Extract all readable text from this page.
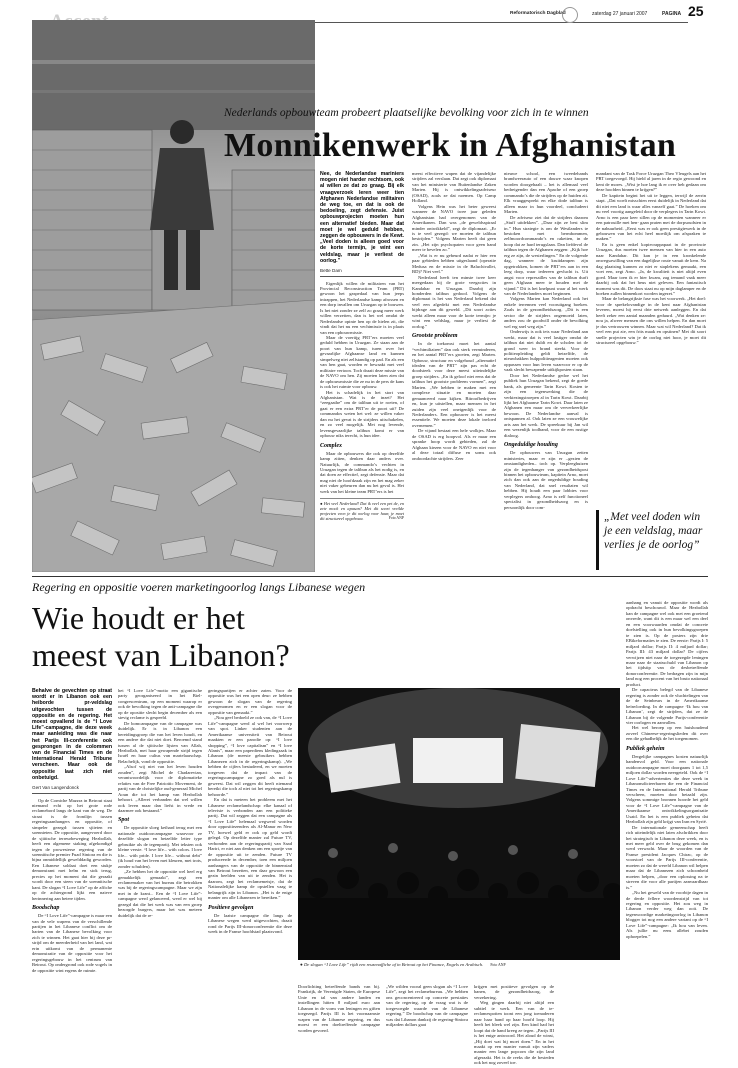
Reformatorisch Dagblad	zaterdag 27 januari 2007	PAGINA 25
Nederlands opbouwteam probeert plaatselijke bevolking voor zich in te winnen
Monnikenwerk in Afghanistan
Nee, de Nederlandse mariniers mogen niet harder rechtsom, ook al willen ze dat zo graag. Bij elk vraagverzoek leren weer tien Afghanen Nederlandse militairen de weg toe, en dat is ook de bedoeling, zegt defensie. Juist opbouwprojecten moeten hun een alternatief bieden. Maar dat moet je wel geduld hebben, zeggen de opbouwers in de Kewt. „Veel doden is alleen goed voor de korte termijn, je wint een veldslag, maar je verliest de oorlog.”
Bette Dam

Eigenlijk willen de militairen van het Provincial Reconstruction Team (PRT) gewoon het gaspedaal van hun jeeps intrappen, het Nederlandse kamp afrossen en een dorp invallen om Uruzgan op te bouwen. Is het niet zonder ze zelf zo graag meer werk willen verzetten, dan is het wel omdat de Nederlandse opinie hen op de hielen zit, die vindt dat het nu een vechtmissie is in plaats van een opbouwmissie.

Maar de voertijg PRT’ers moeten veel geduld hebben in Uruzgan. Ze staan aan de poort van hun kamp, turen over het gevaarlijke Afghaanse land en kunnen simpelweg niet zelfstandig op pad. En als een van hen gaat, worden er bewaakt met veel militaire vertoon. Toch draait deze missie van de NAVO om hen. Zij moeten laten zien dat de opbouwmissie die ze nu in de pers de kans is ook het ruimte voor opbouw.

Het is schadelijk in het stort van Afghanistan. Wat is de inzet? Het “zeegaathe” om de talibun uit te roeien, of gaat er een extra PRT’er de poort uit? De commandos weten het wel: ze willen vaker dan nu het gevat is de strijders uitschakelen, en zo veel mogelijk. Met nog levende, levensgevaarlijke talibun komt er van opbouw niks terecht, is hun idee.

Complex

Maar de opbouwers die ook op dezelfde kamp zitten, denken daar anders over. Natuurlijk, de commando’s vechten in Uruzgan tegen de talibun als het nodig is, en dat doen ze effectief, zegt defensie. Maar dat mag niet de hoofdzaak zijn en het mag zeker niet vaker gebeuren dan nu het geval is. Het werk van het kleine team PRT’ers is het

● Het veel Nederland! Dat ik veel een pet de, en zete mock en apasan? Met dit soort vreilde projecten vecn je dit oorlog voor haar, je moet dit structureel opgebouw.	Foto ANP

meest effectieve wapen dat de vijandelijke strijders zal verslaan. Dat zegt ook diplomaat van het ministerie van Buitenlandse Zaken Marten. Hij is ontwikkelingsadviseur (OSAD), zoals ze dat noemen. Op Camp Holland.

Volgens Hein was het beter geweest wanneer de NAVO twee jaar geleden Afghanistan had overgenomen van de Amerikanen. Dan was „de geweldsspiraal minder ontwikkeld”, zegt de diplomaat. „Er is te veel gezegd: we moeten de talibun bestrijden.” Volgens Marten heeft dat geen zin. „Het zijn psychopaten voor geen hand meer te bevelen zo.”

„Wat is er nu gebeurd nadat er hier een paar gebieden hebben uitgeslaand (operatie Medusa en de missie in de Baluchivallei, BD)? Niet veel.”

Nederland heeft ten minste twee keer meegedaan bij de grote veegacties in Kandahar en Uruzgan. Daarbij zijn honderden talibun gedood. Volgens de diplomaat is het van Nederland bekend dat veel een afgedekt met een Nederlandse bijdrage aan dit geweld. „Dit soort acties werkt alleen maar voor de korte termijn: je wint een veldslag, maar je verliest de oorlog.”

Grootste probleem

In de toekomst moet het aantal “vechtmiliairen” dan ook sterk verminderen, en het aantal PRT’ers groeien, zegt Marten. Opbouw, structuur en volgehoud „alternatief idealen van de PRT” zijn pas echt de doodsteek voor deze meest uiteindelijke groep strijders. „En ik geloof niet eens dat de talibun het grootste probleem vormen”, zegt Marten. „We hebben te maken met een complexe situatie en moeten daar genuanceerd naar kijken. Bitroofbedrijven en, kun je uitstellen, maar mensen in het zuiden zijn veel oneigenlijk voor de Nederlanders. Een opbouwer is het meest essentiele. We moeten deze lokale invloed overnemen.”

De vijand bestaat een hele wolkjes. Maar de OSAD is erg hoopvol. Als er maar een spranke hoop wordt gebieden, zal de Afghaan kiezen voor de NAVO en niet voor al deze totaal diffuse en soms ook ondoordachte strijders. Zeer

nieuwe school, een tweedehands brandweerauto of een douwe waar knopen worden doorgehaalt – het is allemaal veel bedreigender dan een Apache of een groep commando’s die de strijders op de huiden zit. Elk vraaggesprekt en elke dode talibun is alleen maar in hun voordeel, concludeert Marten.

De adviseur ziet dat de strijders daarom „Stuff uitdekken”. „Daar zijn ze best slim in.” Hun strategie is om de Westlanders te bestoken met bermbommen, zelfmoordcommando’s en raketten, in de hoop dat ze hard terugslaan. Dan liefdevol de talibun tegen de Afghanen zeggen: „Kijk hoe erg ze zijn, de westerlingen.” En de volgende dag, wanneer de kruitdampen zijn opgetrokken, komen de PRT’ers aan in een leeg dorp, waar iedereen gevlucht is. Uit angst voor represailles van de talibun durft geen Afghaan meer te houden met de vijand.” Dit is het knelpunt waar al het werk van de Nederlanders moet beginnen.

Volgens Marten kan Nederland ook het enkele terrennen veel vooruitgang boeken. Zoals in de gezondheidszorg. „Dit is een sector die de strijders ongemoeid laten, anders zou de goodwill onder de bevolking wel erg snel weg zijn.”

Onderwijs is ook iets waar Nederland aan werkt, maar dat is veel lastiger omdat de talibun dat niet duldt en de scholen tot de grond weer in brand steekt. Voor de politieopleiding geldt hetzelfde, de nieuwbakken hulppolitieagenten moeten ook oppassen voor hun leven waarvoor er op de vaak slecht bewapende uitkijkposten staan.

Door het Nederlandse gedoe wel het publiek hun Uruzgan bekend, zegt de goede bank, als gemeente Tarin Kowt. Kosten te zijn een tegenwerking die de verkiezingstroepen al in Tarin Kowt. Daarbij lijkt het Afghaanse Tarin Kowt. Daar laten ze Afghanen een maar om de ververkeerlijke bewoon. De Nederlandse aanval is ontspannen al. Ook laten ze een vrouwelijke arts aan het werk. De spreekuur bij Jan wil een wezenlijk toolband, voor de een rustige dialoog.

Ongeduldige houding

De opbouwers van Uruzgan zetten ministeries, maar er zijn er –gezien de omstandigheden– toch op. Verpleeghuizen zijn de tegenhanger van gezondheidspost binnen het opbouwteam, kapitein Arno, moet zich dan ook aan de ongeduldige houding van Nederland, dat snel resultaten wil hebben. Hij houdt een paar lobbies voor verplegers omhoog. Arno is zelf functioneel specialist in gezondheidszorg en is persoonlijk door com-

mandant van de Task Force Uruzgan Theo Vleugels aan het PRT toegevoegd. Hij hield al jaren in de regio gewoond en kent de mores. „Wist je hoe lang ik er over heb gedaan om deze hoofden binnen te krijgen?”

De kapitein begint het uit te leggen, terwijl de zerrin stapt. „Dat woelt misschien eerst duidelijk in Nederland dat dit niet een land is waar alles vanzelf gaat.” De hoeken om nu veel voortig aangeleid door de verplegers in Tarin Kowt. Arno is een paar keer sillen op de momenten wanneer er een patrouille met hen- gaan praten met de dorpsoudsten in de nabuurheid. „Eerst was er ook geen prestigiewerk in de gebouwen van het echt heel moeilijk om afspraken te maken.”

En is geen enkel kopiecrappapaat in de provincie Uruzgan, dus moeten twee mensen van hier in een auto naar Kandahar. Dit kan je in een kronkelende onwegsawilling van een dagelijkse route vanuit de kern. Na dag plaatsing kunnen zo niet er staplekens gemaakt, een voet een, zegt Arno. „Ja, de kwaliteit is niet altijd even goed. Maar toen ik er hier kwam, zag iemand vaak meer daarbij ook dat het heus niet geleven. Een fantastisch moment was dit. De doos staat nu op mijn daglamper en de boeken zullen binnenkort worden ingezet.”

Maar de belangrijkste fase was het voorwerk. „Het doel: voor de sprekelovandige in de kent naar Afghanistan leveren, moest hij eerst drie netwerk aanleggen. En dat heeft zeker een aantal maanden geduurd. „Wat denken ze: nou ja, alweer mensen die ons willen helpen. En dan moet je dus vertrouwen winnen. Maar wat wil Nederland? Dat ik veel een put zie, een frits maak en opstinen? Met dit soort snelle projecten win je de oorlog niet hoor, je moet dit structureel opgebouw.”

„Met veel doden win je een veldslag, maar verlies je de oorlog”
Regering en oppositie voeren marketingoorlog langs Libanese wegen
Wie houdt er het
meest van Libanon?
Behalve de gevechten op straat wordt er in Libanon ook een heiborde pr-veldslag uitgevochten tussen de oppositie en de regering. Het moest opvallend is de “I Love Life”-campagne, die deze week maar aanleiding was die naar het Parijs III-conferentie ook gesprongen in de colommen van de Financial Times en de International Herald Tribune verscheen. Maar ook de oppositie laat zich niet onbetuigd.
Gert Van Langendonck

Op de Corniche Mazzra in Beirout staat niemand echt op het grote rode reclamebord langs de kant van de weg. De straat is de frontlijn tussen regeringsaanhangers en oppositie, of simpeler gezegd: tussen sjiieten en soennieten. De oppositie, aangevoerd door de sjiitische terreurbeweging Hezbollah, heeft een algemene staking afgekondigd tegen de prowesterse regering van de soennitische premier Fuad Siniora en die is bijna onmiddellijk gewelddadig geworden. Een Libanese soldaat doet een stukje demonstrant met helm en stok terug, precies op het moment dat die geraakt wordt door een steen van de soennitische kant. De slogan “I Love Life” op de affiche op de achtergrond lijkt een naieve herinnering aan betere tijden.

Boodschap

De “I Love Life”-campagne is maar een van de vele wapens van de verschillende partijen in het Libanese conflict om de harten van de Libanese bevolking voor zich te winnen. Het gaat hier bij deze pr-strijd om de meerderheid van het land, wat erin uitkomt van de permanente demonstratie van de oppositie voor het regeringsgebouw in het centrum van Beirout. Op ondergrond ook rode vogels in de oppositie wint ergens de ruimte.

het “I Love Life”-motto een gigantische party georganiseerd in het Biel-congrescentrum, op een moment waarop er ook de bevolking tegen de anti-campagne die op de opositie slecht begin december als een stevig reclame is gespeeld.

De bomcampagne van de campagne was duidelijk. Er is in Libanon een bereidingsgroep die van het leven houdt, en een andere die dat niet doet. Beroemd stand tussen al de sjiitische lijsten van Allah, Hezbollah, met haar gewapende strijd tegen Israël en haar cultus van martelaarschap. Belachelijk, vond de oppositie.

„Alsof wij niet van het leven houden zouden”, zegt Michel de Chadarevian, verantwoordelijk voor de diplomatieke relaties van de Free Patriottic Movement, de partij van de christelijke oud-generaal Michel Aoun die tot het kamp van Hezbollah behoort. „Allerei verbanden dat wel willen ook leven maar dan liefst in vrede en daarmee ook bestaand.”

Spot

De oppositie sloeg keihard terug met een nationale outdoorcampagne waarvoor ze dezelfde slogan en hetzelfde letter type gebruikte als de tegenpartij. Met teksten ook kleine versie. “I love life... with colors. I love life... with pride. I love life... without debt” (ik houd van het leven met kleuren, met trots, zonder schulden).

„Ze hebben het de oppositie wel heel erg gemakkelijk gemaakt”, zegt een reclamemaker van het bureau die betrokken was bij de regeringscampagne. Maar we zijn met in de krant... Een de “I Love Life”-campagne werd gelanceerd, werd er wel bij gezegd dat die het werk was van een groep bezorgde burgers, maar het was meteen duidelijk dat de re-

geringspartijen er achter zaten. Voor de oppositie was het een open deur: ze hebben gewoon de slogan van de regering overgenomen en er een slogan voor de oppositie van gemaakt.”

„Nou geef bedoeld ze ook van, de “I Love Life”-campagne werd al wel het voorwerp van spot. Linker studenten aan de Amerikaanse universiteit van Beirout maakten er een parodie op: “I love shopping”, “I love capitalism” en “I love Alanis”, maar een paperdiens kledingzaak in Libanon (de meeste gebruikers hebben Libanezen zich in de regeringskamp). „We hebben de cijfers bestudeerd, en we moeten toegeven dat de impact van de regeringscampagne zo goed als nul is geweest. Dat wil zeggen dit heeft niemand bereikt die toch al niet tot het regeringskamp behoorde.”

En dat is meteen het probleem met het Libanese reclamelandschap: elke kanaal of televisie is verbonden aan een politieke partij. Dat wil zeggen dat een campagne als “I Love Life” helemaal wegwerd worden door oppositiezenders als Al-Manar en New TV, hoewel geld er ook op geld wordt gelegd. Op dezelfde manier zal Future TV, verbonden aan de regeringspartij van Saad Hariri, er niet aan denken om een sportje van de oppositie uit te zenden. Future TV produceerde in december, toen een miljoen aanhangers van de oppositie de binnenstad van Beirout bezetten, een daar gewoon een gezin beelden van uit te zenden. Het is daarom, zegt het reclamemeisje, dat de Nationalelijke kamp de opstellen vaag te belangrijk zijn in Libanon. „Het is de enige manier om alle Libanezen te bereiken.”

Positieve gevolgen

De laatste campagne die langs de Libanese wegen werd uitgevochten, draait rond de Parijs III-donorconferentie die deze week in de Franse hoofdstad plaatsvond.

● De slogan “I Love Life” rijdt een reuzenaffiche af in Beirout op het Finance, Engels en Arabisch. Foto ANP

Doorlichting betreffende bands van bij. Frankrijk, de Verenigde Staten, de Europese Unie en tal van andere landen en instellingen hitten 8 miljard euro aan Libanon in de vorm van leningen en giften toegezegd. Parijs III is het voornaamste wapen van de Libanese regering, en dus moest er een doeltreffende campagne worden gevoerd.

„We wilden vooral geen slogan als “I Love Life”, zegt het reclamebureau. „We hebben ons geconcentreerd op concrete prestaties van de regering, op de vraag wat is de toegevoegde waarde van de Libanese regering.” De boodschap van de campagne was dat Libanon dankzij de regering-Siniora miljarden dollars gaat

krijgen met positieve gevolgen op de banen, de gezondheidszorg, de verzekering.

Weg gingen daarbij niet altijd een subtiel te werk. Een van de te-reclamespotten toont een jong toenaderen naar haar hand op haar hoofd loop. Hij heeft het bleek wel zijn. Een kind had het loopt dat de hand kreeg ze tegen. „Parijs III is het enige antwoord. Het aloud de winst, „Hij doet wat hij moet doen.” En in het maakt op een manier vanuit zijn vaders manier een lange popcorn die zijn land afgeraakt. Het is de reeks die de besteden ook het nog zoveel toe.

aanhang en vanuit de oppositie wordt als opdracht beschouwd. Maar de Hezbollah kan de campagne wel ook met een groeiend onvrede, want dit is een maar wel een deel en een voorwaarden omdat de concrete doelstelling ook in hun bevolkingsgroepen te zien is. Op de posters zijn drie EBikeformaties te zien. De eerste: Parijs I: 5 miljard dollar; Parijs II: 4 miljard dollar; Parijs III: 43 miljard dollar? De cijfers verwijzen niet naar de toegezegde leningen maar naar de staatsschuld van Libanon op het tijdstip van de desbetreffende donorconferentie. De bedragen zijn in mijn land nog een procent van het bruto nationaal product.

De capacieus belegd van de Libanese regering is zonder ook de vluchtelingen van de de Seinbeurs in de Amerikaanse beïnvloeding. In de campagne ‘Ik hou van Libanon’, zegt de strijders, dat ze de Libanon bij de volgende Parijs-conferentie vier oorlogen en aanvallen.

Het wel beroep op een huishoudend zoveel Chineese-regeringslieden dit over een die gehadhelijk de het toegenomen.

Publiek geheim

Dergelijke campagnes kosten natuurlijk handenvol geld. Voor een nationale outdoorcampagne moet doorgaans 1 tot 1,5 miljoen dollar worden neergeteld. Ook de “I Love Life”-advertenties die deze week in Libanonsdicteerbaren die een de Financial Times en de International Herald Tribune verscheen, moeten door betaald zijn. Volgens sommige bronnen hoorde het geld voor de “I Love Life”-campagne van de Amerikaanse ontwikkelingsorganisatie Usaid. En het is een publiek geheim dat Hezbollah zijn geld krijgt van Iran en Syrië.

De internationale gemeenschap heeft rich uiteindelijk niet laten afschrikken door het strategisch in Libanon deze week, en is met meer geld over de brug gekomen dan werd verwacht. Maar de woorden van de Franse president Jacques Chirac, op de voorstoel van de Parijs III-conferentie, moeten zo dat de wereld Libanon wil helpen maar dat de Libanezen zich schoonheid moeten helpen, „door een oplossing na te streven die voor alle partijen aanvaardbaar is.”

„Nu het geweld van de voorbije dagen in de derde fellere woordenstrijd van tot regering en oppositie. Het zou weg in Libanon verder weg dan ooit. De tegenwoordige marketingoorlog in Libanon blogger tot nog een andere variant op de “I Love Life”-campagne: „Ik hou van leven. Als jullie nu eens allebei zouden ophoepelen.”
